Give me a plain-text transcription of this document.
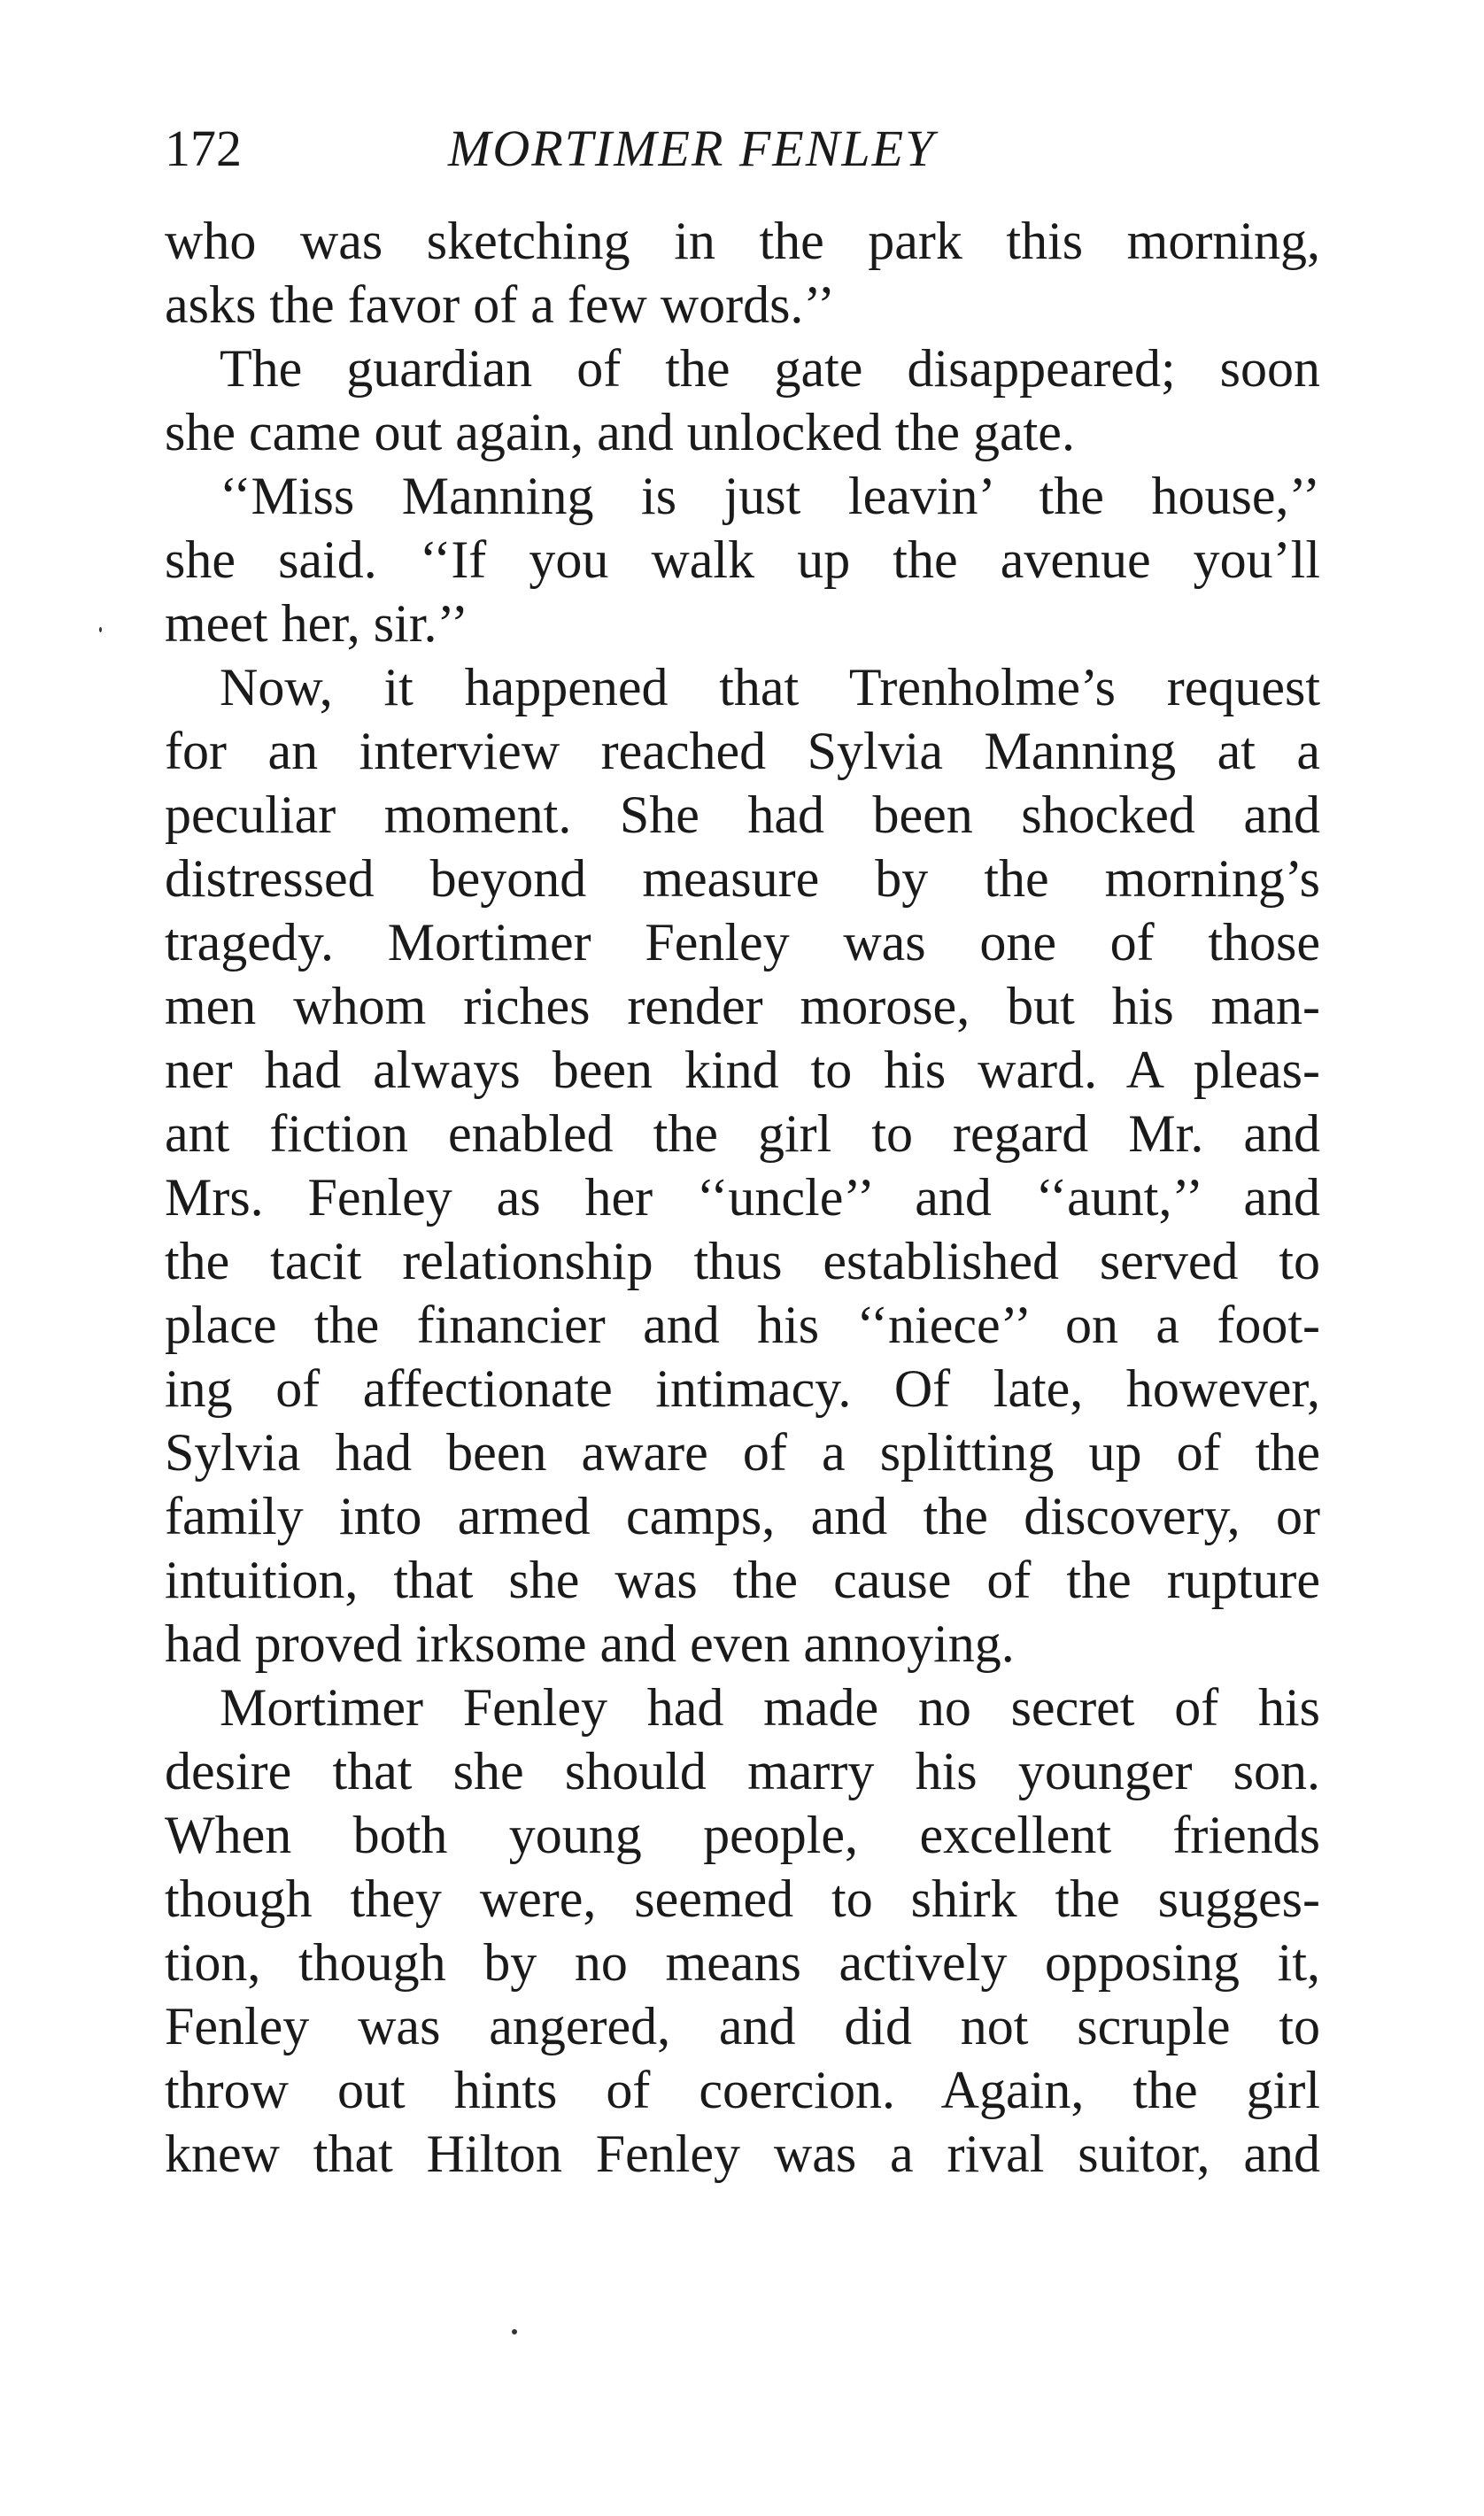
172	MORTIMER FENLEY
who was sketching in the park this morning,
asks the favor of a few words.’’
The guardian of the gate disappeared; soon
she came out again, and unlocked the gate.
‘‘Miss Manning is just leavin’ the house,’’
she said. ‘‘If you walk up the avenue you’ll
meet her, sir.’’
Now, it happened that Trenholme’s request
for an interview reached Sylvia Manning at a
peculiar moment. She had been shocked and
distressed beyond measure by the morning’s
tragedy. Mortimer Fenley was one of those
men whom riches render morose, but his man-
ner had always been kind to his ward. A pleas-
ant fiction enabled the girl to regard Mr. and
Mrs. Fenley as her ‘‘uncle’’ and ‘‘aunt,’’ and
the tacit relationship thus established served to
place the financier and his ‘‘niece’’ on a foot-
ing of affectionate intimacy. Of late, however,
Sylvia had been aware of a splitting up of the
family into armed camps, and the discovery, or
intuition, that she was the cause of the rupture
had proved irksome and even annoying.
Mortimer Fenley had made no secret of his
desire that she should marry his younger son.
When both young people, excellent friends
though they were, seemed to shirk the sugges-
tion, though by no means actively opposing it,
Fenley was angered, and did not scruple to
throw out hints of coercion. Again, the girl
knew that Hilton Fenley was a rival suitor, and
